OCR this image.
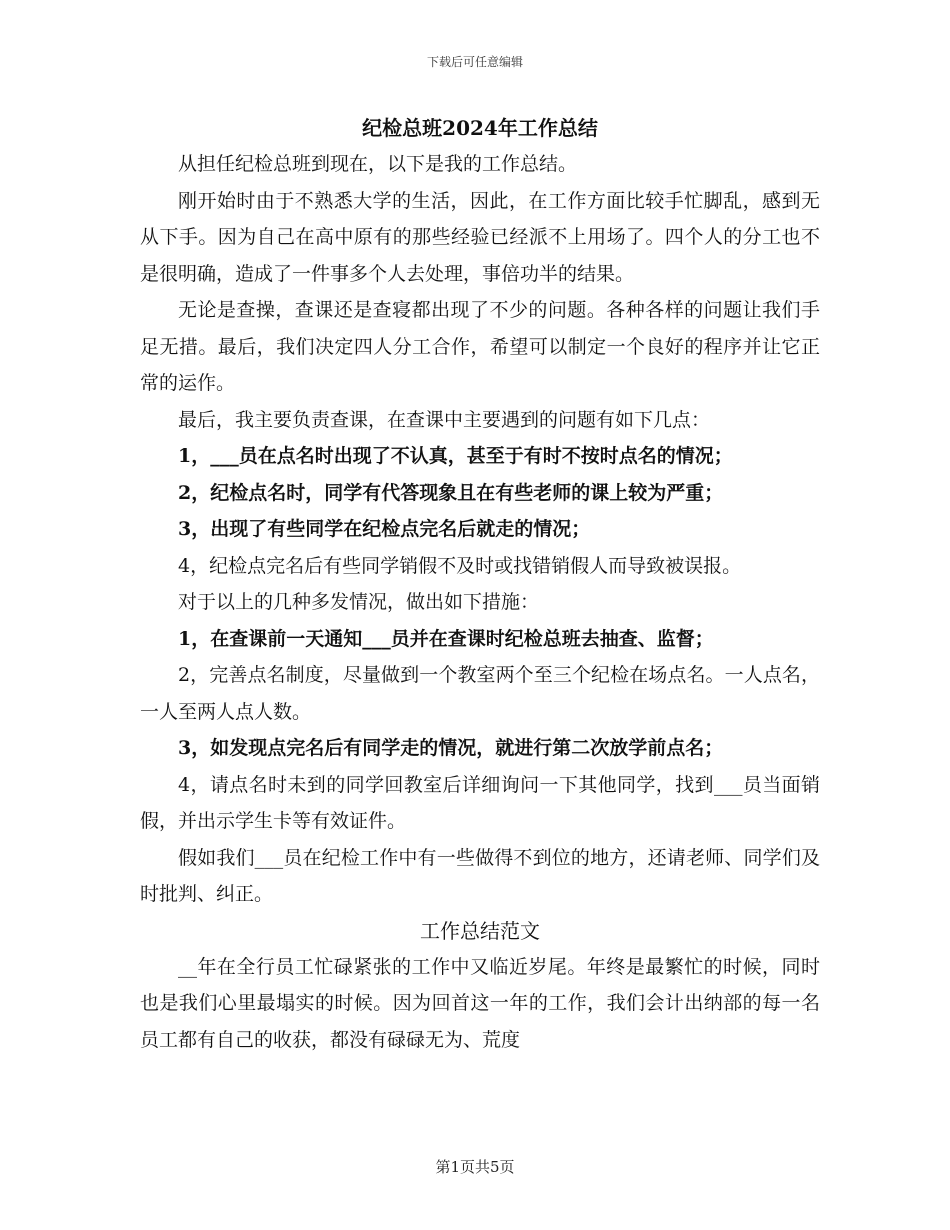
下载后可任意编辑
纪检总班2024年工作总结

从担任纪检总班到现在，以下是我的工作总结。

刚开始时由于不熟悉大学的生活，因此，在工作方面比较手忙脚乱，感到无从下手。因为自己在高中原有的那些经验已经派不上用场了。四个人的分工也不是很明确，造成了一件事多个人去处理，事倍功半的结果。

无论是查操，查课还是查寝都出现了不少的问题。各种各样的问题让我们手足无措。最后，我们决定四人分工合作，希望可以制定一个良好的程序并让它正常的运作。

最后，我主要负责查课，在查课中主要遇到的问题有如下几点：

1，___员在点名时出现了不认真，甚至于有时不按时点名的情况；

2，纪检点名时，同学有代答现象且在有些老师的课上较为严重；

3，出现了有些同学在纪检点完名后就走的情况；

4，纪检点完名后有些同学销假不及时或找错销假人而导致被误报。

对于以上的几种多发情况，做出如下措施：

1，在查课前一天通知___员并在查课时纪检总班去抽查、监督；

2，完善点名制度，尽量做到一个教室两个至三个纪检在场点名。一人点名，一人至两人点人数。

3，如发现点完名后有同学走的情况，就进行第二次放学前点名；

4，请点名时未到的同学回教室后详细询问一下其他同学，找到___员当面销假，并出示学生卡等有效证件。

假如我们___员在纪检工作中有一些做得不到位的地方，还请老师、同学们及时批判、纠正。

工作总结范文

__年在全行员工忙碌紧张的工作中又临近岁尾。年终是最繁忙的时候，同时也是我们心里最塌实的时候。因为回首这一年的工作，我们会计出纳部的每一名员工都有自己的收获，都没有碌碌无为、荒度

第1页共5页
